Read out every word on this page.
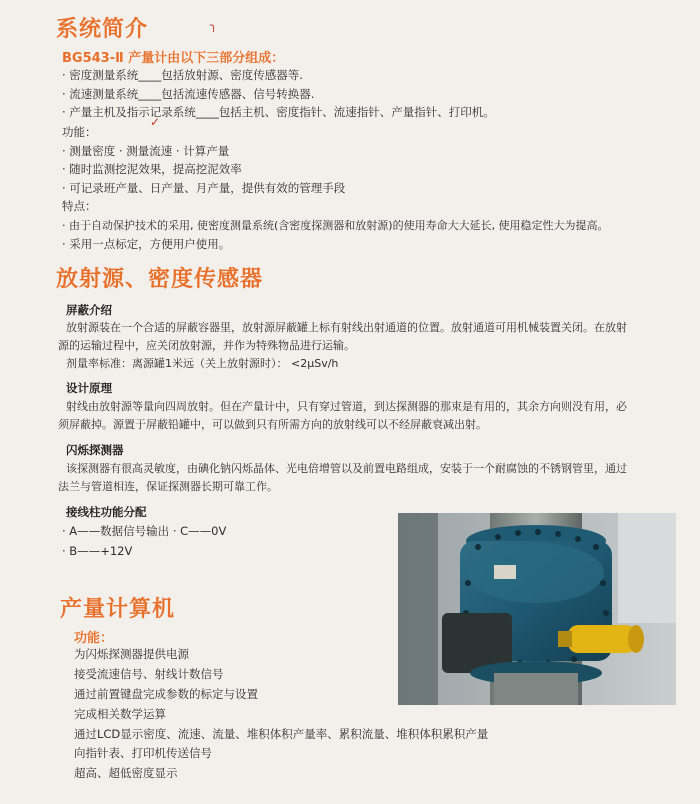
╮
✓
系统简介
BG543-Ⅱ 产量计由以下三部分组成：
· 密度测量系统____包括放射源、密度传感器等.
· 流速测量系统____包括流速传感器、信号转换器.
· 产量主机及指示记录系统____包括主机、密度指针、流速指针、产量指针、打印机。
功能：
· 测量密度 · 测量流速 · 计算产量
· 随时监测挖泥效果，提高挖泥效率
· 可记录班产量、日产量、月产量，提供有效的管理手段
特点：
· 由于自动保护技术的采用, 使密度测量系统(含密度探测器和放射源)的使用寿命大大延长, 使用稳定性大为提高。
· 采用一点标定，方便用户使用。
放射源、密度传感器
屏蔽介绍
放射源装在一个合适的屏蔽容器里，放射源屏蔽罐上标有射线出射通道的位置。放射通道可用机械装置关闭。在放射
源的运输过程中，应关闭放射源，并作为特殊物品进行运输。
剂量率标准：离源罐1米远（关上放射源时）： <2μSv/h
设计原理
射线由放射源等量向四周放射。但在产量计中，只有穿过管道，到达探测器的那束是有用的，其余方向则没有用，必
须屏蔽掉。源置于屏蔽铅罐中，可以做到只有所需方向的放射线可以不经屏蔽衰减出射。
闪烁探测器
该探测器有很高灵敏度，由碘化钠闪烁晶体、光电倍增管以及前置电路组成，安装于一个耐腐蚀的不锈钢管里，通过
法兰与管道相连，保证探测器长期可靠工作。
接线柱功能分配
· A——数据信号输出 · C——0V
· B——+12V
产量计算机
功能：
为闪烁探测器提供电源
接受流速信号、射线计数信号
通过前置键盘完成参数的标定与设置
完成相关数学运算
通过LCD显示密度、流速、流量、堆积体积产量率、累积流量、堆积体积累积产量
向指针表、打印机传送信号
超高、超低密度显示
